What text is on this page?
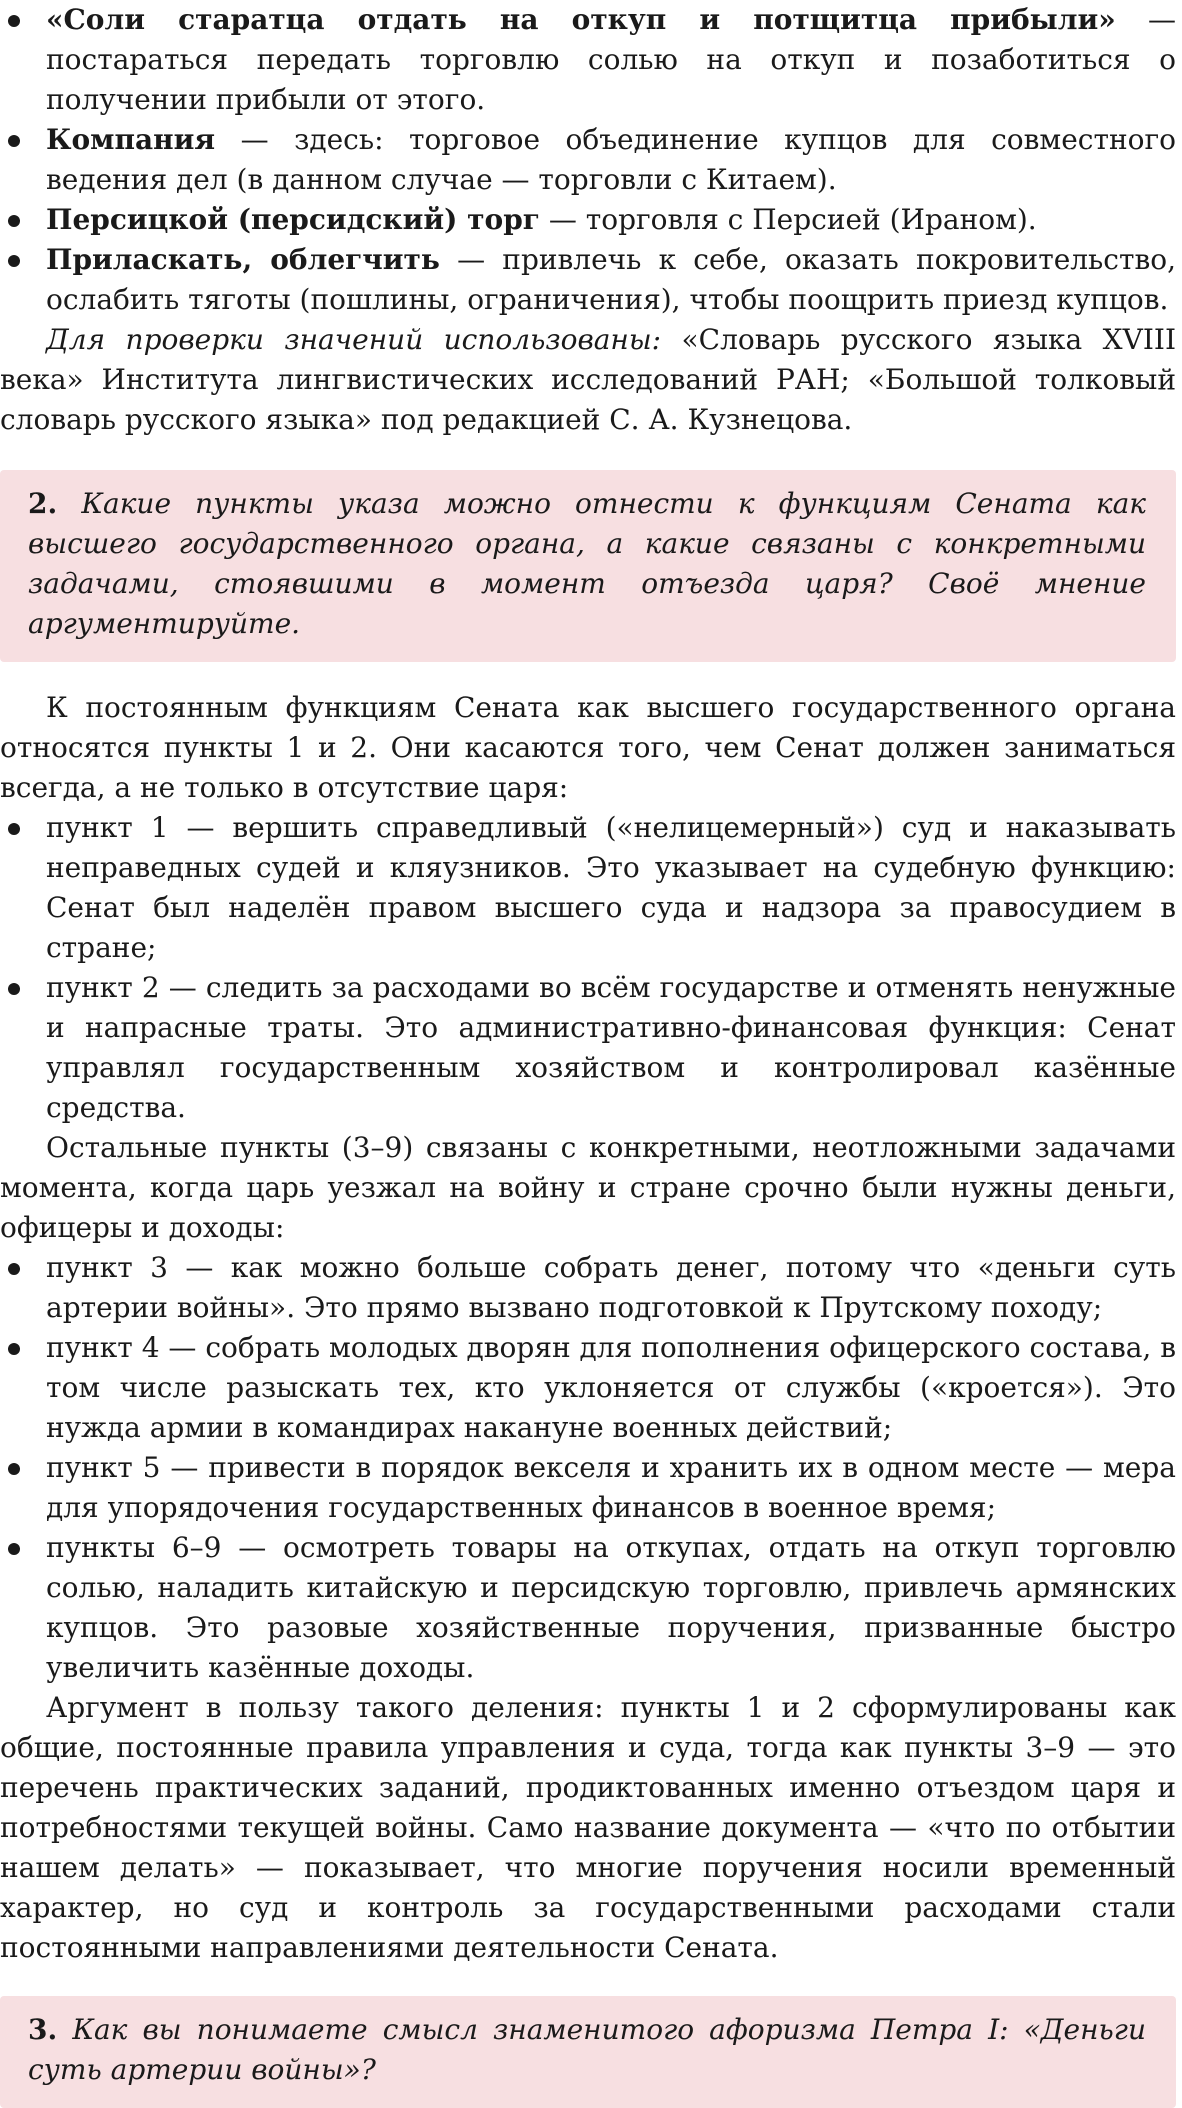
«Соли старатца отдать на откуп и потщитца прибыли» — постараться передать торговлю солью на откуп и позаботиться о получении прибыли от этого.
Компания — здесь: торговое объединение купцов для совместного ведения дел (в данном случае — торговли с Китаем).
Персицкой (персидский) торг — торговля с Персией (Ираном).
Приласкать, облегчить — привлечь к себе, оказать покровительство, ослабить тяготы (пошлины, ограничения), чтобы поощрить приезд купцов.

Для проверки значений использованы: «Словарь русского языка XVIII века» Института лингвистических исследований РАН; «Большой толковый словарь русского языка» под редакцией С. А. Кузнецова.

2. Какие пункты указа можно отнести к функциям Сената как высшего государственного органа, а какие связаны с конкретными задачами, стоявшими в момент отъезда царя? Своё мнение аргументируйте.

К постоянным функциям Сената как высшего государственного органа относятся пункты 1 и 2. Они касаются того, чем Сенат должен заниматься всегда, а не только в отсутствие царя:

пункт 1 — вершить справедливый («нелицемерный») суд и наказывать неправедных судей и кляузников. Это указывает на судебную функцию: Сенат был наделён правом высшего суда и надзора за правосудием в стране;
пункт 2 — следить за расходами во всём государстве и отменять ненужные и напрасные траты. Это административно-финансовая функция: Сенат управлял государственным хозяйством и контролировал казённые средства.

Остальные пункты (3–9) связаны с конкретными, неотложными задачами момента, когда царь уезжал на войну и стране срочно были нужны деньги, офицеры и доходы:

пункт 3 — как можно больше собрать денег, потому что «деньги суть артерии войны». Это прямо вызвано подготовкой к Прутскому походу;
пункт 4 — собрать молодых дворян для пополнения офицерского состава, в том числе разыскать тех, кто уклоняется от службы («кроется»). Это нужда армии в командирах накануне военных действий;
пункт 5 — привести в порядок векселя и хранить их в одном месте — мера для упорядочения государственных финансов в военное время;
пункты 6–9 — осмотреть товары на откупах, отдать на откуп торговлю солью, наладить китайскую и персидскую торговлю, привлечь армянских купцов. Это разовые хозяйственные поручения, призванные быстро увеличить казённые доходы.

Аргумент в пользу такого деления: пункты 1 и 2 сформулированы как общие, постоянные правила управления и суда, тогда как пункты 3–9 — это перечень практических заданий, продиктованных именно отъездом царя и потребностями текущей войны. Само название документа — «что по отбытии нашем делать» — показывает, что многие поручения носили временный характер, но суд и контроль за государственными расходами стали постоянными направлениями деятельности Сената.

3. Как вы понимаете смысл знаменитого афоризма Петра I: «Деньги суть артерии войны»?
